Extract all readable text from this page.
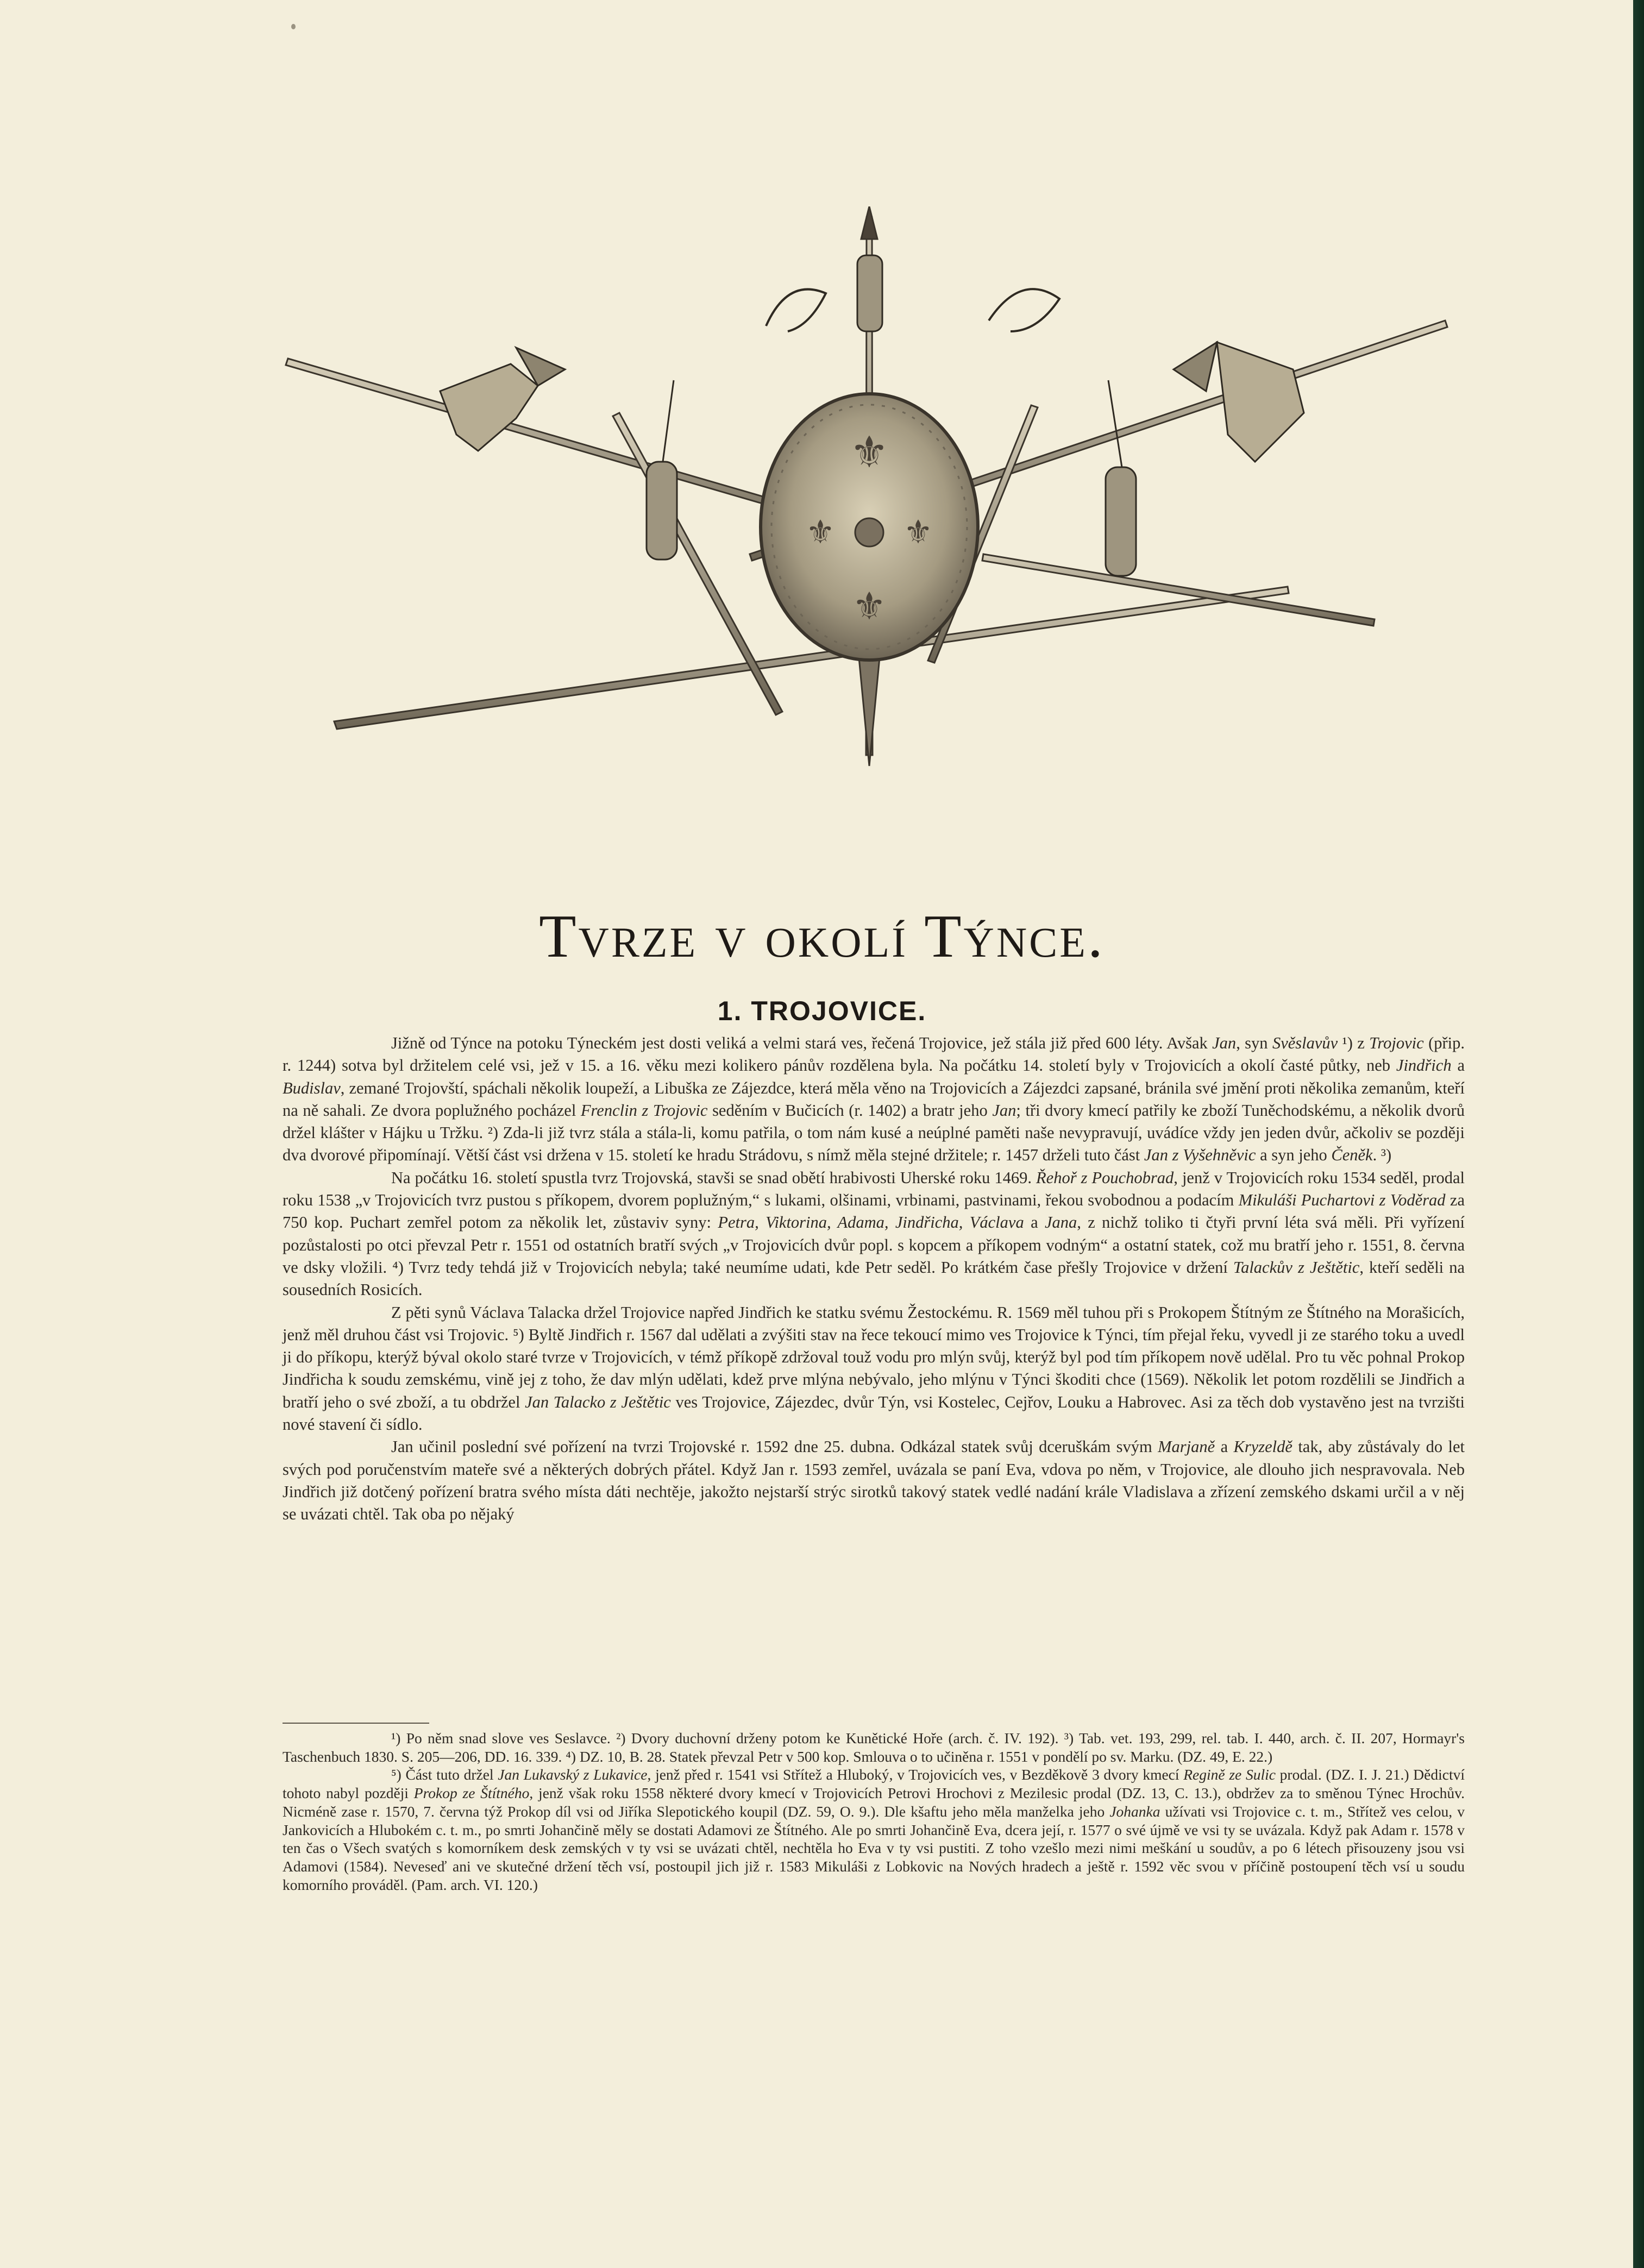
⚜
⚜ ⚜
⚜
Tvrze v okolí Týnce.
1. TROJOVICE.

Jižně od Týnce na potoku Týneckém jest dosti veliká a velmi stará ves, řečená Trojovice, jež stála již před 600 léty. Avšak Jan, syn Svěslavův ¹) z Trojovic (přip. r. 1244) sotva byl držitelem celé vsi, jež v 15. a 16. věku mezi kolikero pánův rozdělena byla. Na počátku 14. století byly v Trojovicích a okolí časté půtky, neb Jindřich a Budislav, zemané Trojovští, spáchali několik loupeží, a Libuška ze Zájezdce, která měla věno na Trojovicích a Zájezdci zapsané, bránila své jmění proti několika zemanům, kteří na ně sahali. Ze dvora poplužného pocházel Frenclin z Trojovic seděním v Bučicích (r. 1402) a bratr jeho Jan; tři dvory kmecí patřily ke zboží Tuněchodskému, a několik dvorů držel klášter v Hájku u Tržku. ²) Zda-li již tvrz stála a stála-li, komu patřila, o tom nám kusé a neúplné paměti naše nevypravují, uvádíce vždy jen jeden dvůr, ačkoliv se později dva dvorové připomínají. Větší část vsi držena v 15. století ke hradu Strádovu, s nímž měla stejné držitele; r. 1457 drželi tuto část Jan z Vyšehněvic a syn jeho Čeněk. ³)

Na počátku 16. století spustla tvrz Trojovská, stavši se snad obětí hrabivosti Uherské roku 1469. Řehoř z Pouchobrad, jenž v Trojovicích roku 1534 seděl, prodal roku 1538 „v Trojovicích tvrz pustou s příkopem, dvorem poplužným,“ s lukami, olšinami, vrbinami, pastvinami, řekou svobodnou a podacím Mikuláši Puchartovi z Voděrad za 750 kop. Puchart zemřel potom za několik let, zůstaviv syny: Petra, Viktorina, Adama, Jindřicha, Václava a Jana, z nichž toliko ti čtyři první léta svá měli. Při vyřízení pozůstalosti po otci převzal Petr r. 1551 od ostatních bratří svých „v Trojovicích dvůr popl. s kopcem a příkopem vodným“ a ostatní statek, což mu bratří jeho r. 1551, 8. června ve dsky vložili. ⁴) Tvrz tedy tehdá již v Trojovicích nebyla; také neumíme udati, kde Petr seděl. Po krátkém čase přešly Trojovice v držení Talackův z Ještětic, kteří seděli na sousedních Rosicích.

Z pěti synů Václava Talacka držel Trojovice napřed Jindřich ke statku svému Žestockému. R. 1569 měl tuhou při s Prokopem Štítným ze Štítného na Morašicích, jenž měl druhou část vsi Trojovic. ⁵) Byltě Jindřich r. 1567 dal udělati a zvýšiti stav na řece tekoucí mimo ves Trojovice k Týnci, tím přejal řeku, vyvedl ji ze starého toku a uvedl ji do příkopu, kterýž býval okolo staré tvrze v Trojovicích, v témž příkopě zdržoval touž vodu pro mlýn svůj, kterýž byl pod tím příkopem nově udělal. Pro tu věc pohnal Prokop Jindřicha k soudu zemskému, vině jej z toho, že dav mlýn udělati, kdež prve mlýna nebývalo, jeho mlýnu v Týnci škoditi chce (1569). Několik let potom rozdělili se Jindřich a bratří jeho o své zboží, a tu obdržel Jan Talacko z Ještětic ves Trojovice, Zájezdec, dvůr Týn, vsi Kostelec, Cejřov, Louku a Habrovec. Asi za těch dob vystavěno jest na tvrzišti nové stavení či sídlo.

Jan učinil poslední své pořízení na tvrzi Trojovské r. 1592 dne 25. dubna. Odkázal statek svůj dceruškám svým Marjaně a Kryzeldě tak, aby zůstávaly do let svých pod poručenstvím mateře své a některých dobrých přátel. Když Jan r. 1593 zemřel, uvázala se paní Eva, vdova po něm, v Trojovice, ale dlouho jich nespravovala. Neb Jindřich již dotčený pořízení bratra svého místa dáti nechtěje, jakožto nejstarší strýc sirotků takový statek vedlé nadání krále Vladislava a zřízení zemského dskami určil a v něj se uvázati chtěl. Tak oba po nějaký

¹) Po něm snad slove ves Seslavce. ²) Dvory duchovní drženy potom ke Kunětické Hoře (arch. č. IV. 192). ³) Tab. vet. 193, 299, rel. tab. I. 440, arch. č. II. 207, Hormayr's Taschenbuch 1830. S. 205—206, DD. 16. 339. ⁴) DZ. 10, B. 28. Statek převzal Petr v 500 kop. Smlouva o to učiněna r. 1551 v pondělí po sv. Marku. (DZ. 49, E. 22.)

⁵) Část tuto držel Jan Lukavský z Lukavice, jenž před r. 1541 vsi Střítež a Hluboký, v Trojovicích ves, v Bezděkově 3 dvory kmecí Regině ze Sulic prodal. (DZ. I. J. 21.) Dědictví tohoto nabyl později Prokop ze Štítného, jenž však roku 1558 některé dvory kmecí v Trojovicích Petrovi Hrochovi z Mezilesic prodal (DZ. 13, C. 13.), obdržev za to směnou Týnec Hrochův. Nicméně zase r. 1570, 7. června týž Prokop díl vsi od Jiříka Slepotického koupil (DZ. 59, O. 9.). Dle kšaftu jeho měla manželka jeho Johanka užívati vsi Trojovice c. t. m., Střítež ves celou, v Jankovicích a Hlubokém c. t. m., po smrti Johančině měly se dostati Adamovi ze Štítného. Ale po smrti Johančině Eva, dcera její, r. 1577 o své újmě ve vsi ty se uvázala. Když pak Adam r. 1578 v ten čas o Všech svatých s komorníkem desk zemských v ty vsi se uvázati chtěl, nechtěla ho Eva v ty vsi pustiti. Z toho vzešlo mezi nimi meškání u soudův, a po 6 létech přisouzeny jsou vsi Adamovi (1584). Neveseď ani ve skutečné držení těch vsí, postoupil jich již r. 1583 Mikuláši z Lobkovic na Nových hradech a ještě r. 1592 věc svou v příčině postoupení těch vsí u soudu komorního prováděl. (Pam. arch. VI. 120.)
